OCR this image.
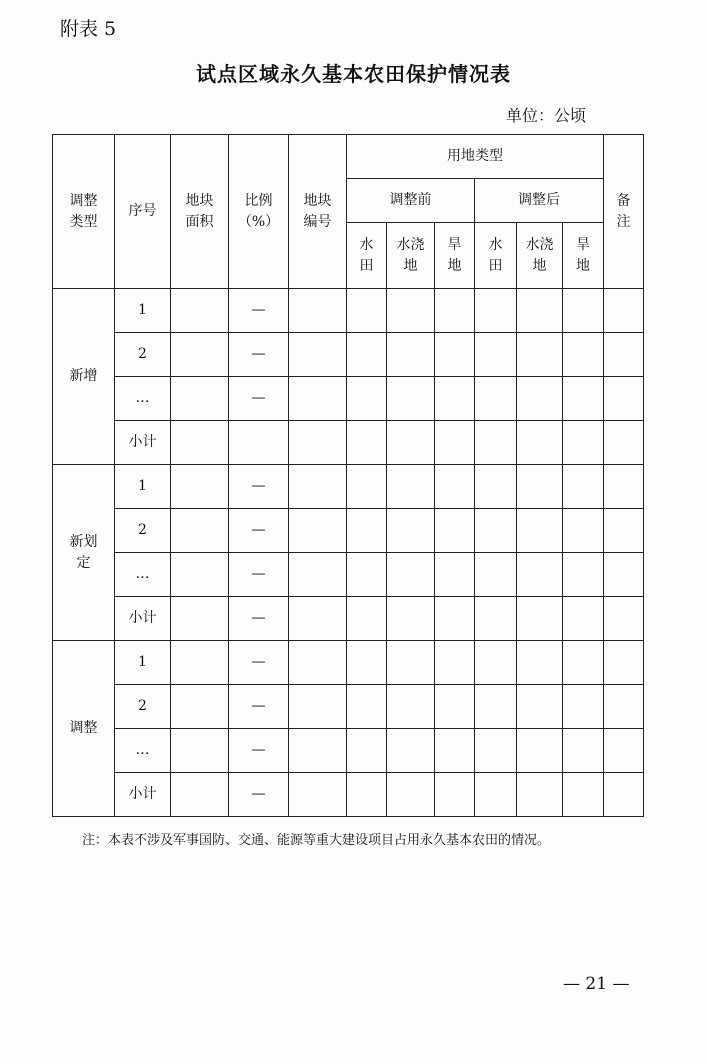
附表 5
试点区域永久基本农田保护情况表
单位：公顷
调整类型	序号	地块面积	比例（%）	地块编号	用地类型						备注
					调整前			调整后			
					水田	水浇地	旱地	水田	水浇地	旱地	
新增	1		—								
	2		—								
	…		—								
	小计										
新划定	1		—								
	2		—								
	…		—								
	小计		—								
调整	1		—								
	2		—								
	…		—								
	小计		—								
注：本表不涉及军事国防、交通、能源等重大建设项目占用永久基本农田的情况。
— 21 —
